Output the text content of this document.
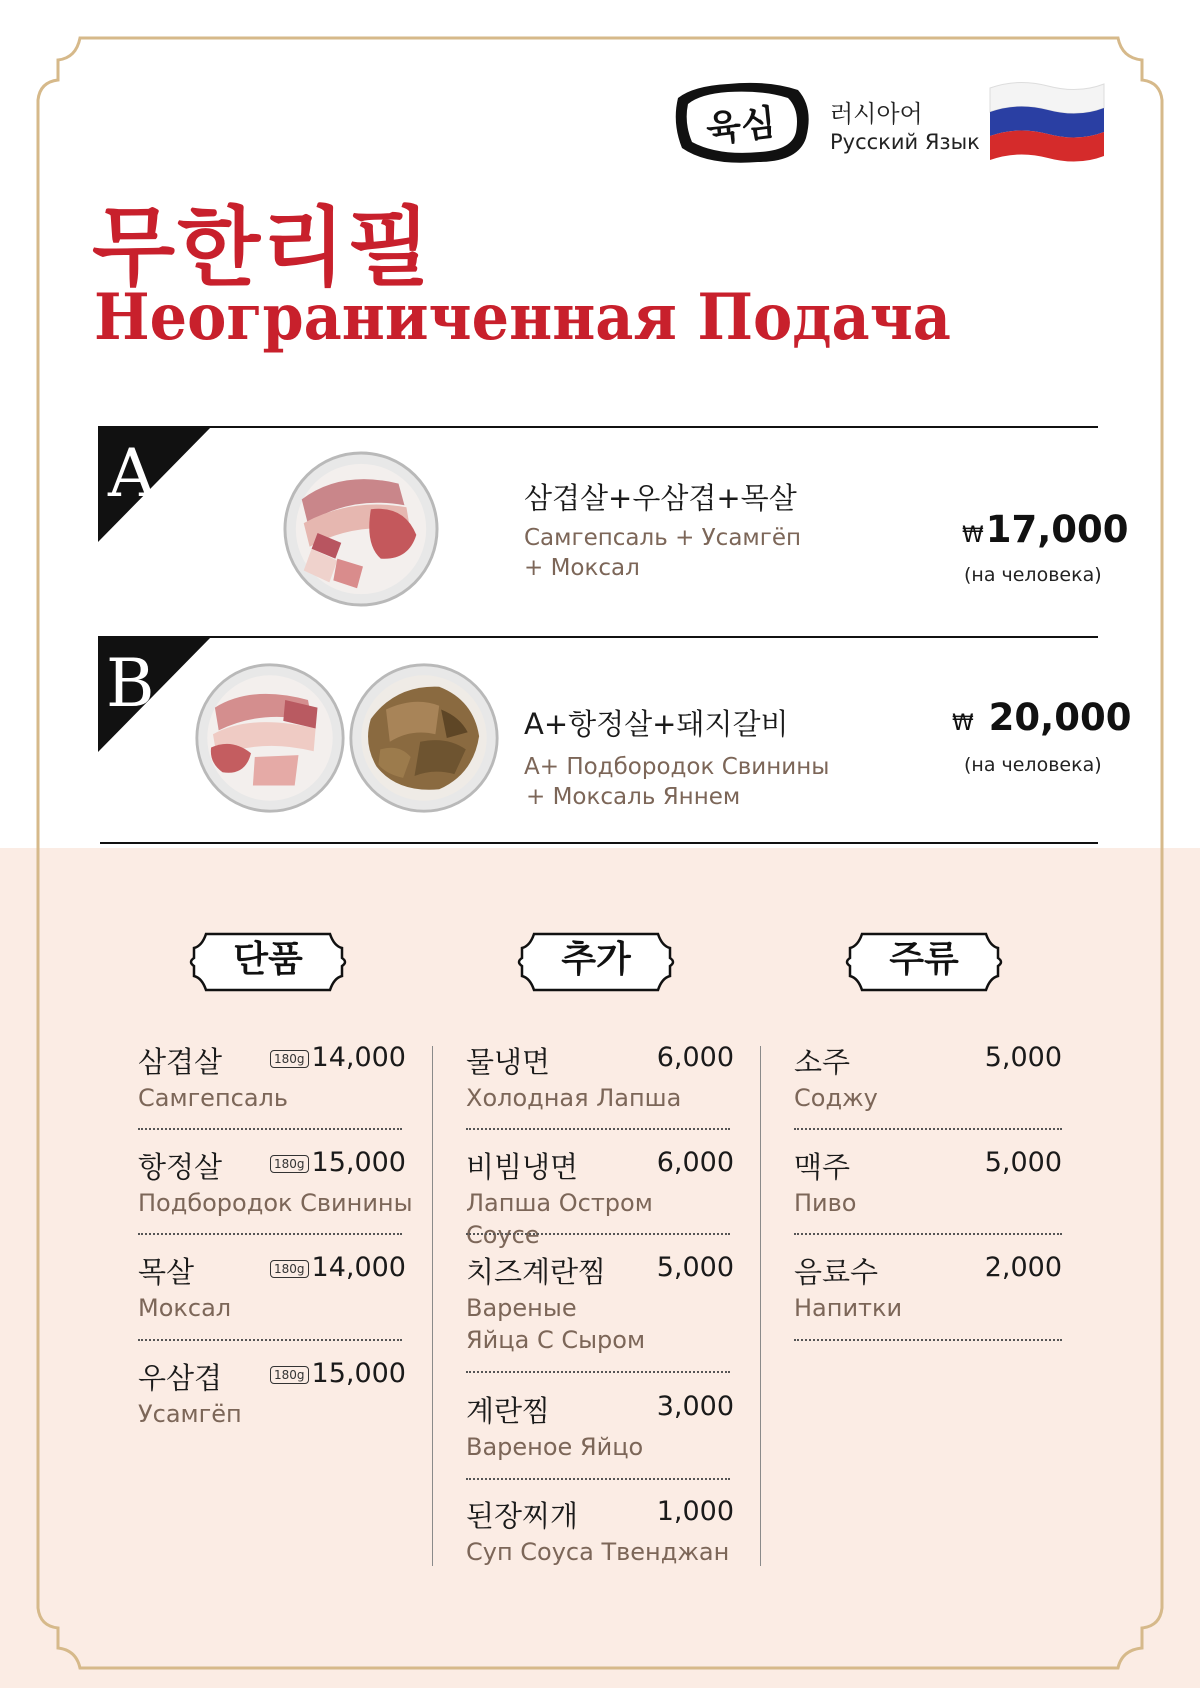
육심 러시아어
Русский Язык
무한리필
Неограниченная Подача
A	삼겹살+우삼겹+목살
Самгепсаль + Усамгёп
+ Моксал
₩17,000
(на человека)
B
A+항정살+돼지갈비
A+ Подбородок Свинины
+ Моксаль Яннем
₩ 20,000
(на человека)
단품	추가	주류
삼겹살	180g 14,000
Самгепсаль
항정살	180g 15,000
Подбородок Свинины
목살	180g 14,000
Моксал
우삼겹	180g 15,000
Усамгёп
물냉면	6,000
Холодная Лапша
비빔냉면	6,000
Лапша Остром Соусе
치즈계란찜 5,000
Вареные
Яйца С Сыром
계란찜	3,000
Вареное Яйцо
된장찌개	1,000
Суп Соуса Твенджан
소주	5,000
Соджу
맥주	5,000
Пиво
음료수	2,000
Напитки
